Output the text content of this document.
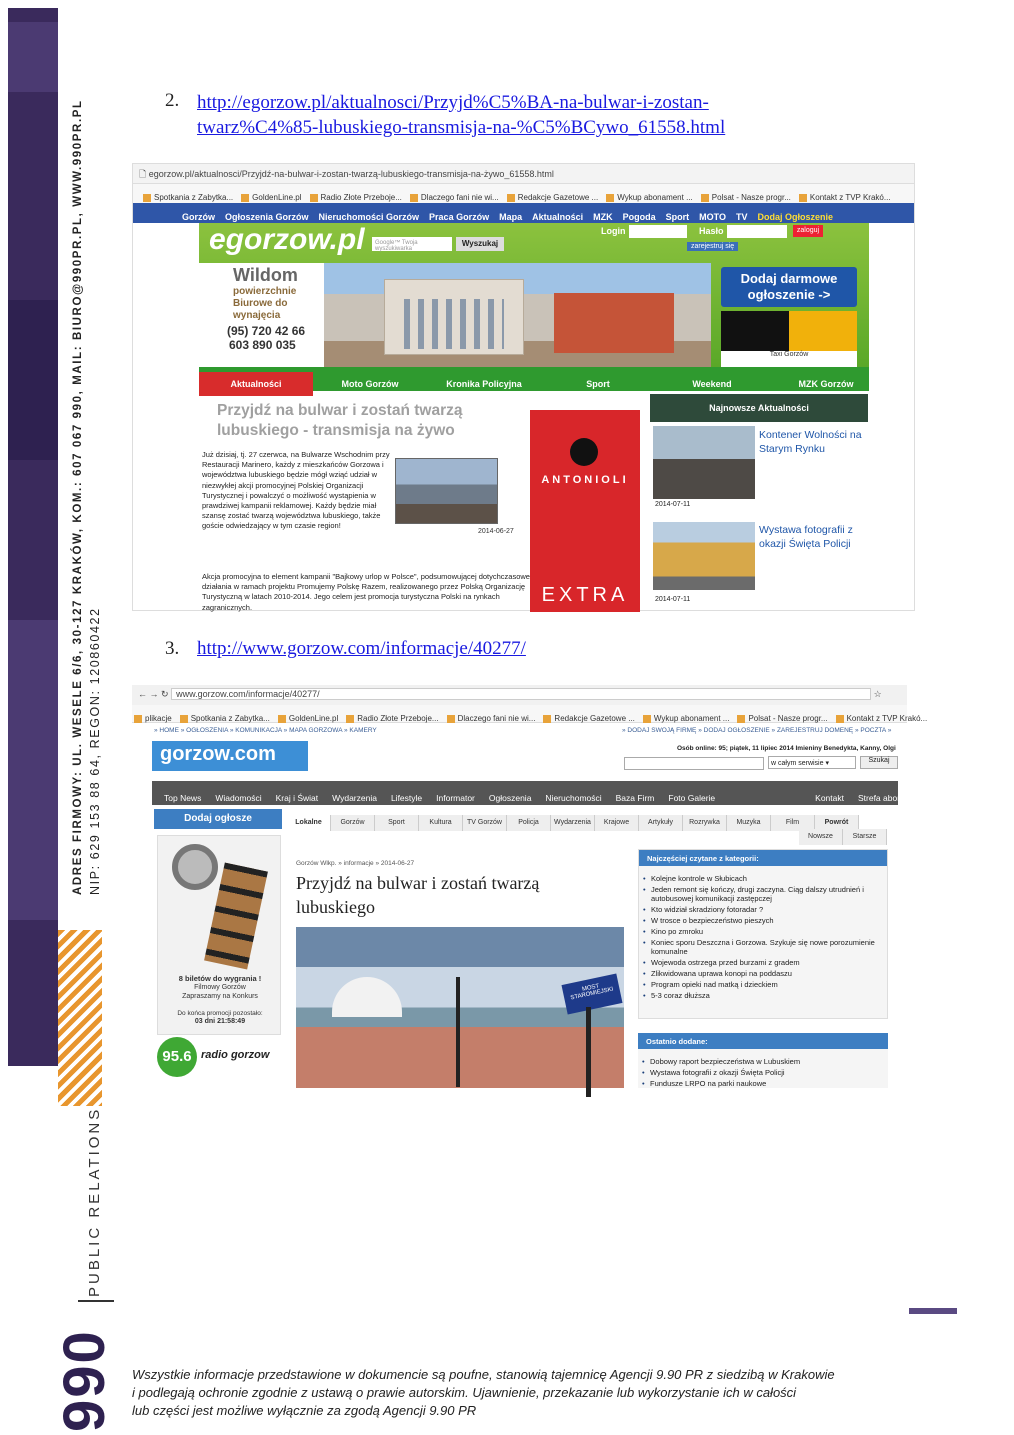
ADRES FIRMOWY: UL. WESELE 6/6, 30-127 KRAKÓW, KOM.: 607 067 990, MAIL: BIURO@990PR.PL, WWW.990PR.PL NIP: 629 153 88 64, REGON: 120860422
PUBLIC RELATIONS
990
2. http://egorzow.pl/aktualnosci/Przyjd%C5%BA-na-bulwar-i-zostan-
twarz%C4%85-lubuskiego-transmisja-na-%C5%BCywo_61558.html
🗋 egorzow.pl/aktualnosci/Przyjdź-na-bulwar-i-zostan-twarzą-lubuskiego-transmisja-na-żywo_61558.html
Spotkania z Zabytka... GoldenLine.pl Radio Złote Przeboje... Dlaczego fani nie wi... Redakcje Gazetowe ... Wykup abonament ... Polsat - Nasze progr... Kontakt z TVP Krakó...
Gorzów Ogłoszenia Gorzów Nieruchomości Gorzów Praca Gorzów Mapa Aktualności MZK Pogoda Sport MOTO TV Dodaj Ogłoszenie
egorzow.pl	Google™ Twoja wyszukiwarka
Wyszukaj
Login	Hasło	zaloguj
zarejestruj się
Wildom
powierzchnie Biurowe do wynajęcia
(95) 720 42 66
603 890 035
Dodaj darmowe ogłoszenie ->
Taxi Gorzów
Aktualności	Moto Gorzów	Kronika Policyjna	Sport	Weekend	MZK Gorzów
Przyjdź na bulwar i zostań twarzą lubuskiego - transmisja na żywo
Już dzisiaj, tj. 27 czerwca, na Bulwarze Wschodnim przy Restauracji Marinero, każdy z mieszkańców Gorzowa i województwa lubuskiego będzie mógł wziąć udział w niezwykłej akcji promocyjnej Polskiej Organizacji Turystycznej i powalczyć o możliwość wystąpienia w prawdziwej kampanii reklamowej. Każdy będzie miał szansę zostać twarzą województwa lubuskiego, także goście odwiedzający w tym czasie region!
2014-06-27
Akcja promocyjna to element kampanii "Bajkowy urlop w Polsce", podsumowującej dotychczasowe działania w ramach projektu Promujemy Polskę Razem, realizowanego przez Polską Organizację Turystyczną w latach 2010-2014. Jego celem jest promocja turystyczna Polski na rynkach zagranicznych.
ANTONIOLI
EXTRA
Najnowsze Aktualności
Kontener Wolności na Starym Rynku
2014-07-11
Wystawa fotografii z okazji Święta Policji
2014-07-11
3. http://www.gorzow.com/informacje/40277/
← → ↻ www.gorzow.com/informacje/40277/	☆
plikacje Spotkania z Zabytka... GoldenLine.pl Radio Złote Przeboje... Dlaczego fani nie wi... Redakcje Gazetowe ... Wykup abonament ... Polsat - Nasze progr... Kontakt z TVP Krakó...
» HOME » OGŁOSZENIA » KOMUNIKACJA » MAPA GORZOWA » KAMERY	» DODAJ SWOJĄ FIRMĘ » DODAJ OGŁOSZENIE » ZAREJESTRUJ DOMENĘ » POCZTA »
Osób online: 95; piątek, 11 lipiec 2014 Imieniny Benedykta, Kanny, Olgi
gorzow.com	w całym serwisie ▾	Szukaj
Top News Wiadomości Kraj i Świat Wydarzenia Lifestyle Informator Ogłoszenia Nieruchomości Baza Firm Foto Galerie	Kontakt Strefa abonenta Galeria Handlowa
Dodaj ogłosze	Lokalne	Gorzów	Sport	Kultura TV Gorzów Policja Wydarzenia Krajowe	Artykuły Rozrywka Muzyka	Film	Powrót
Nowsze	Starsze
8 biletów do wygrania !
Filmowy Gorzów
Zapraszamy na Konkurs
Do końca promocji pozostało:
03 dni 21:58:49
95.6 radio gorzow
Gorzów Wlkp. » informacje » 2014-06-27
Przyjdź na bulwar i zostań twarzą lubuskiego
MOST STAROMIEJSKI
Najczęściej czytane z kategorii:
• Kolejne kontrole w Słubicach
• Jeden remont się kończy, drugi zaczyna. Ciąg dalszy utrudnień i autobusowej komunikacji zastępczej
• Kto widział skradziony fotoradar ?
• W trosce o bezpieczeństwo pieszych
• Kino po zmroku
• Koniec sporu Deszczna i Gorzowa. Szykuje się nowe porozumienie komunalne
• Wojewoda ostrzega przed burzami z gradem
• Zlikwidowana uprawa konopi na poddaszu
• Program opieki nad matką i dzieckiem
• 5-3 coraz dłuższa
Ostatnio dodane:
• Dobowy raport bezpieczeństwa w Lubuskiem
• Wystawa fotografii z okazji Święta Policji
• Fundusze LRPO na parki naukowe
Wszystkie informacje przedstawione w dokumencie są poufne, stanowią tajemnicę Agencji 9.90 PR z siedzibą w Krakowie
i podlegają ochronie zgodnie z ustawą o prawie autorskim. Ujawnienie, przekazanie lub wykorzystanie ich w całości
lub części jest możliwe wyłącznie za zgodą Agencji 9.90 PR
